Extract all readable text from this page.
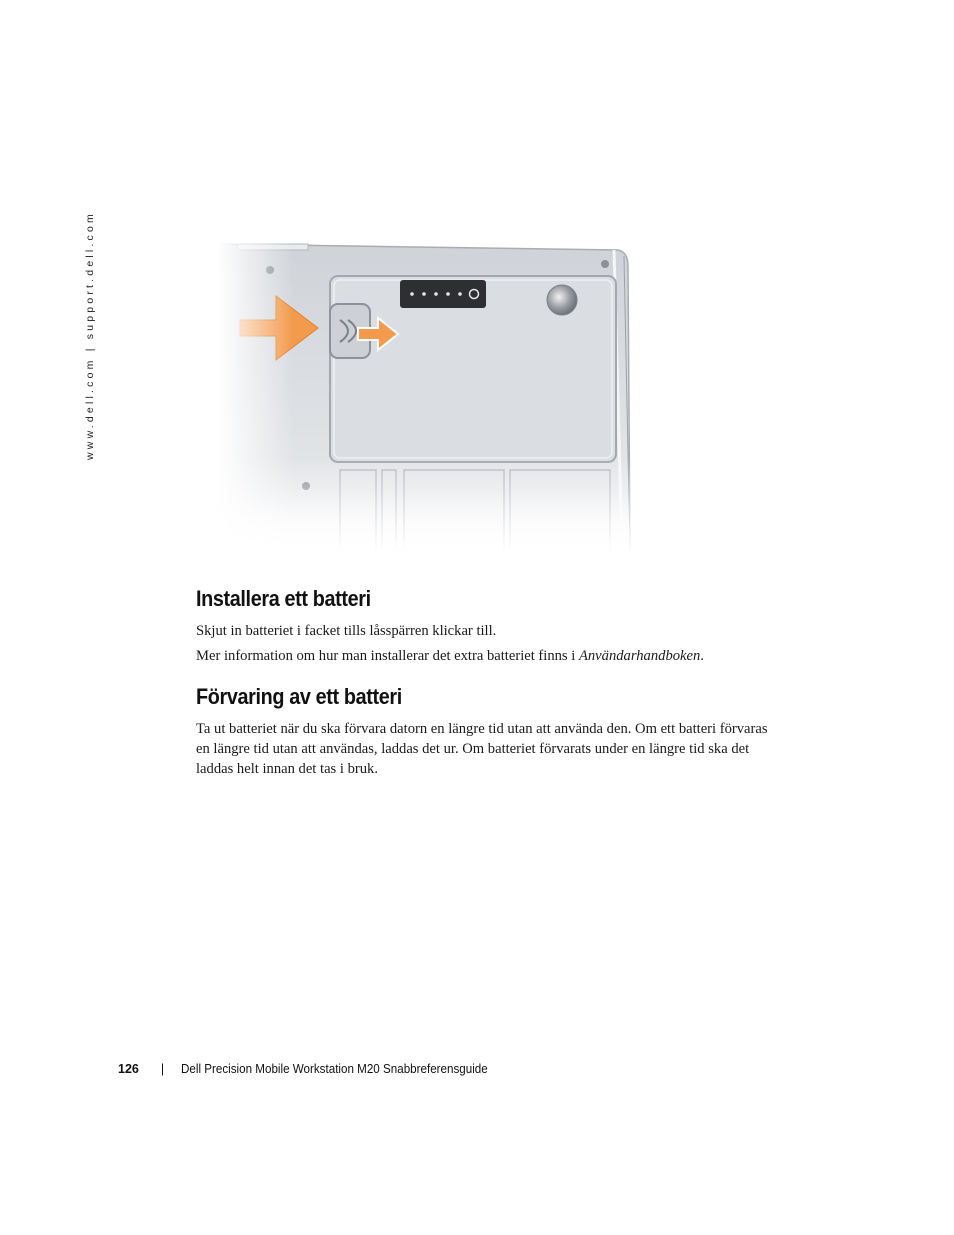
www.dell.com | support.dell.com
Installera ett batteri

Skjut in batteriet i facket tills låsspärren klickar till.

Mer information om hur man installerar det extra batteriet finns i Användarhandboken.

Förvaring av ett batteri

Ta ut batteriet när du ska förvara datorn en längre tid utan att använda den. Om ett batteri förvaras
en längre tid utan att användas, laddas det ur. Om batteriet förvarats under en längre tid ska det
laddas helt innan det tas i bruk.

126 | Dell Precision Mobile Workstation M20 Snabbreferensguide
